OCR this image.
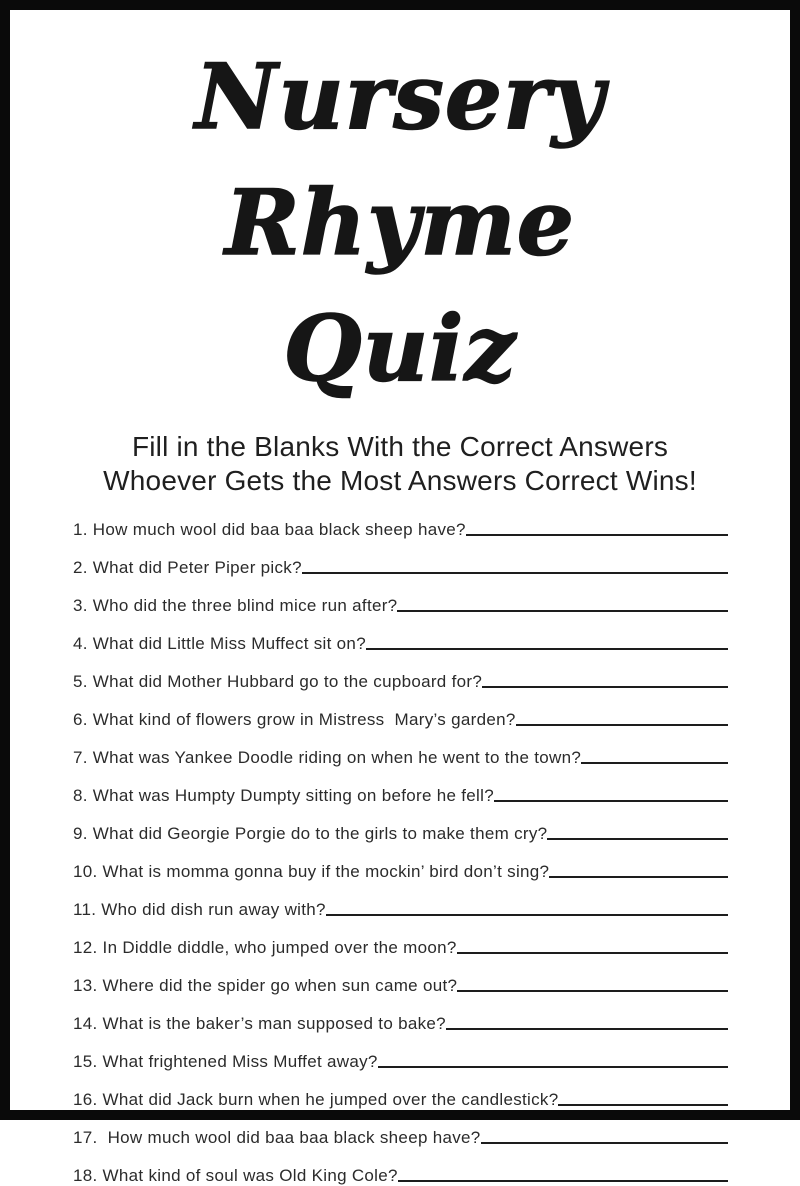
Nursery Rhyme
Quiz
Fill in the Blanks With the Correct Answers
Whoever Gets the Most Answers Correct Wins!
1. How much wool did baa baa black sheep have?
2. What did Peter Piper pick?
3. Who did the three blind mice run after?
4. What did Little Miss Muffect sit on?
5. What did Mother Hubbard go to the cupboard for?
6. What kind of flowers grow in Mistress  Mary’s garden?
7. What was Yankee Doodle riding on when he went to the town?
8. What was Humpty Dumpty sitting on before he fell?
9. What did Georgie Porgie do to the girls to make them cry?
10. What is momma gonna buy if the mockin’ bird don’t sing?
11. Who did dish run away with?
12. In Diddle diddle, who jumped over the moon?
13. Where did the spider go when sun came out?
14. What is the baker’s man supposed to bake?
15. What frightened Miss Muffet away?
16. What did Jack burn when he jumped over the candlestick?
17.  How much wool did baa baa black sheep have?
18. What kind of soul was Old King Cole?
